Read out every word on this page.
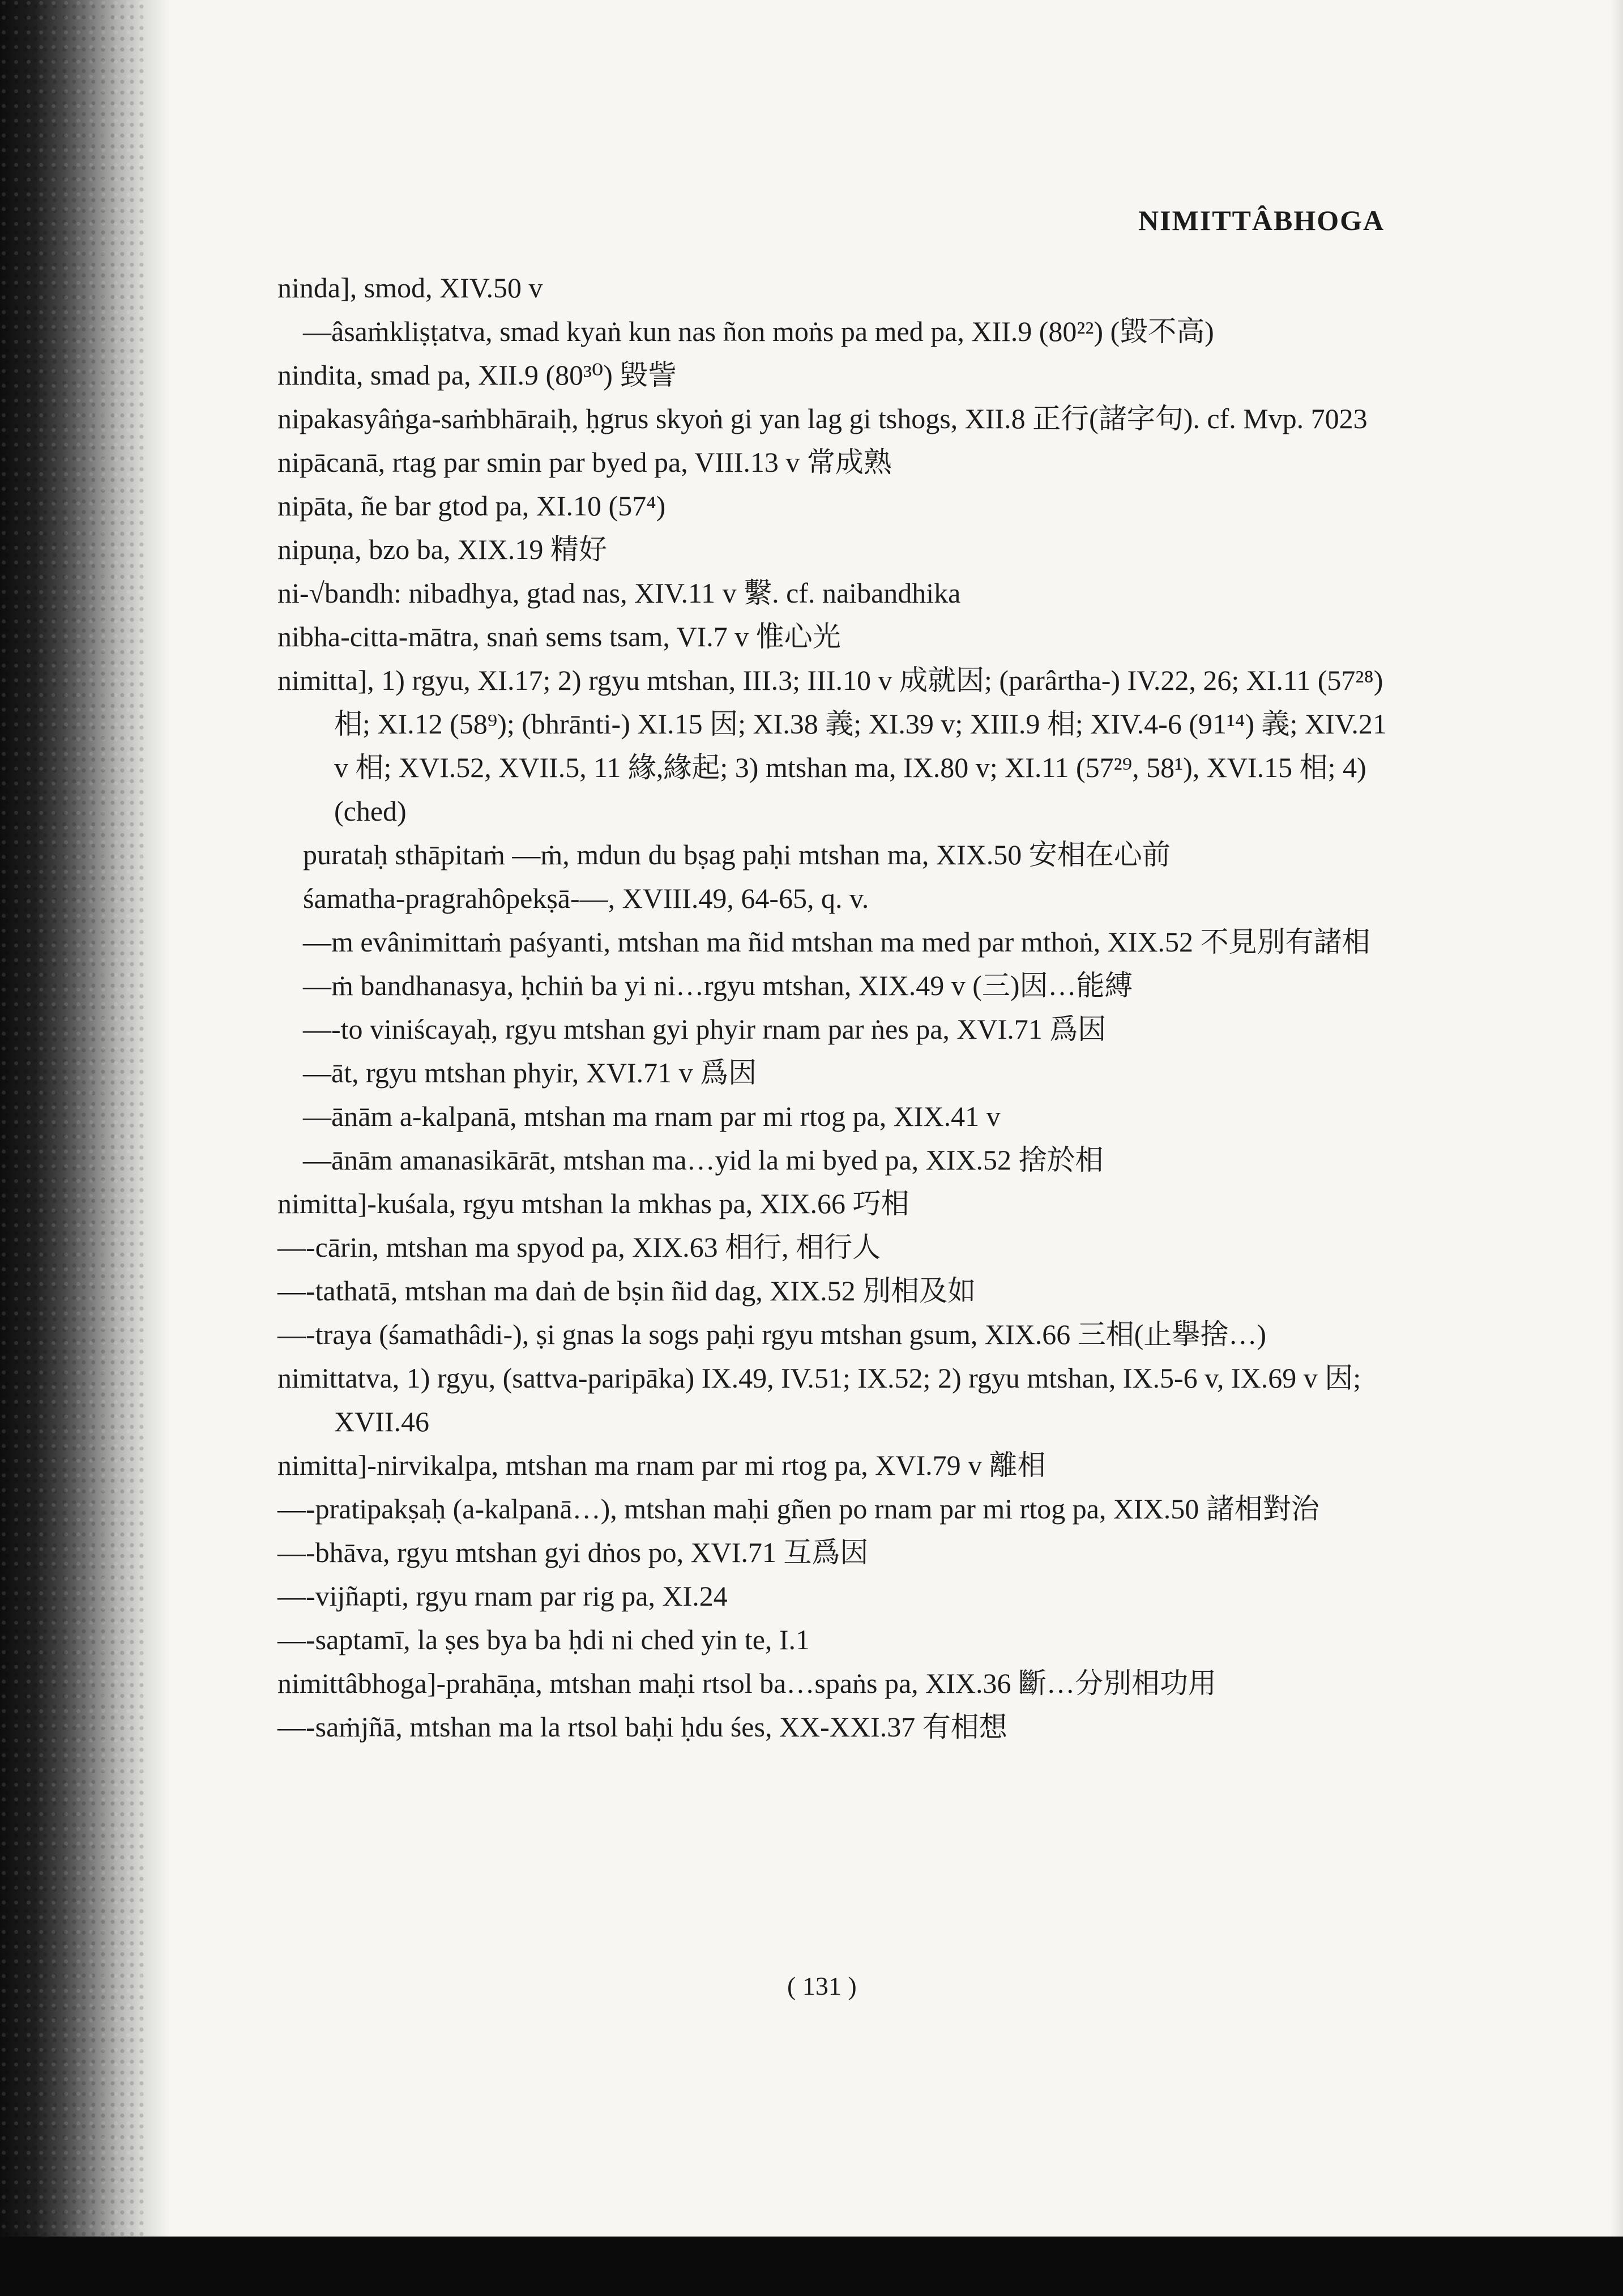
NIMITTÂBHOGA

ninda], smod, XIV.50 v

—âsaṁkliṣṭatva, smad kyaṅ kun nas ñon moṅs pa med pa, XII.9 (80²²) (毀不高)

nindita, smad pa, XII.9 (80³⁰) 毀訾

nipakasyâṅga-saṁbhāraiḥ, ḥgrus skyoṅ gi yan lag gi tshogs, XII.8 正行(諸字句). cf. Mvp. 7023

nipācanā, rtag par smin par byed pa, VIII.13 v 常成熟

nipāta, ñe bar gtod pa, XI.10 (57⁴)

nipuṇa, bzo ba, XIX.19 精好

ni-√bandh: nibadhya, gtad nas, XIV.11 v 繫. cf. naibandhika

nibha-citta-mātra, snaṅ sems tsam, VI.7 v 惟心光

nimitta], 1) rgyu, XI.17; 2) rgyu mtshan, III.3; III.10 v 成就因; (parârtha-) IV.22, 26; XI.11 (57²⁸) 相; XI.12 (58⁹); (bhrānti-) XI.15 因; XI.38 義; XI.39 v; XIII.9 相; XIV.4-6 (91¹⁴) 義; XIV.21 v 相; XVI.52, XVII.5, 11 緣,緣起; 3) mtshan ma, IX.80 v; XI.11 (57²⁹, 58¹), XVI.15 相; 4) (ched)

purataḥ sthāpitaṁ —ṁ, mdun du bṣag paḥi mtshan ma, XIX.50 安相在心前

śamatha-pragrahôpekṣā-—, XVIII.49, 64-65, q. v.

—m evânimittaṁ paśyanti, mtshan ma ñid mtshan ma med par mthoṅ, XIX.52 不見別有諸相

—ṁ bandhanasya, ḥchiṅ ba yi ni…rgyu mtshan, XIX.49 v (三)因…能縛

—-to viniścayaḥ, rgyu mtshan gyi phyir rnam par ṅes pa, XVI.71 爲因

—āt, rgyu mtshan phyir, XVI.71 v 爲因

—ānām a-kalpanā, mtshan ma rnam par mi rtog pa, XIX.41 v

—ānām amanasikārāt, mtshan ma…yid la mi byed pa, XIX.52 捨於相

nimitta]-kuśala, rgyu mtshan la mkhas pa, XIX.66 巧相

—-cārin, mtshan ma spyod pa, XIX.63 相行, 相行人

—-tathatā, mtshan ma daṅ de bṣin ñid dag, XIX.52 別相及如

—-traya (śamathâdi-), ṣi gnas la sogs paḥi rgyu mtshan gsum, XIX.66 三相(止擧捨…)

nimittatva, 1) rgyu, (sattva-paripāka) IX.49, IV.51; IX.52; 2) rgyu mtshan, IX.5-6 v, IX.69 v 因; XVII.46

nimitta]-nirvikalpa, mtshan ma rnam par mi rtog pa, XVI.79 v 離相

—-pratipakṣaḥ (a-kalpanā…), mtshan maḥi gñen po rnam par mi rtog pa, XIX.50 諸相對治

—-bhāva, rgyu mtshan gyi dṅos po, XVI.71 互爲因

—-vijñapti, rgyu rnam par rig pa, XI.24

—-saptamī, la ṣes bya ba ḥdi ni ched yin te, I.1

nimittâbhoga]-prahāṇa, mtshan maḥi rtsol ba…spaṅs pa, XIX.36 斷…分別相功用

—-saṁjñā, mtshan ma la rtsol baḥi ḥdu śes, XX-XXI.37 有相想

( 131 )
